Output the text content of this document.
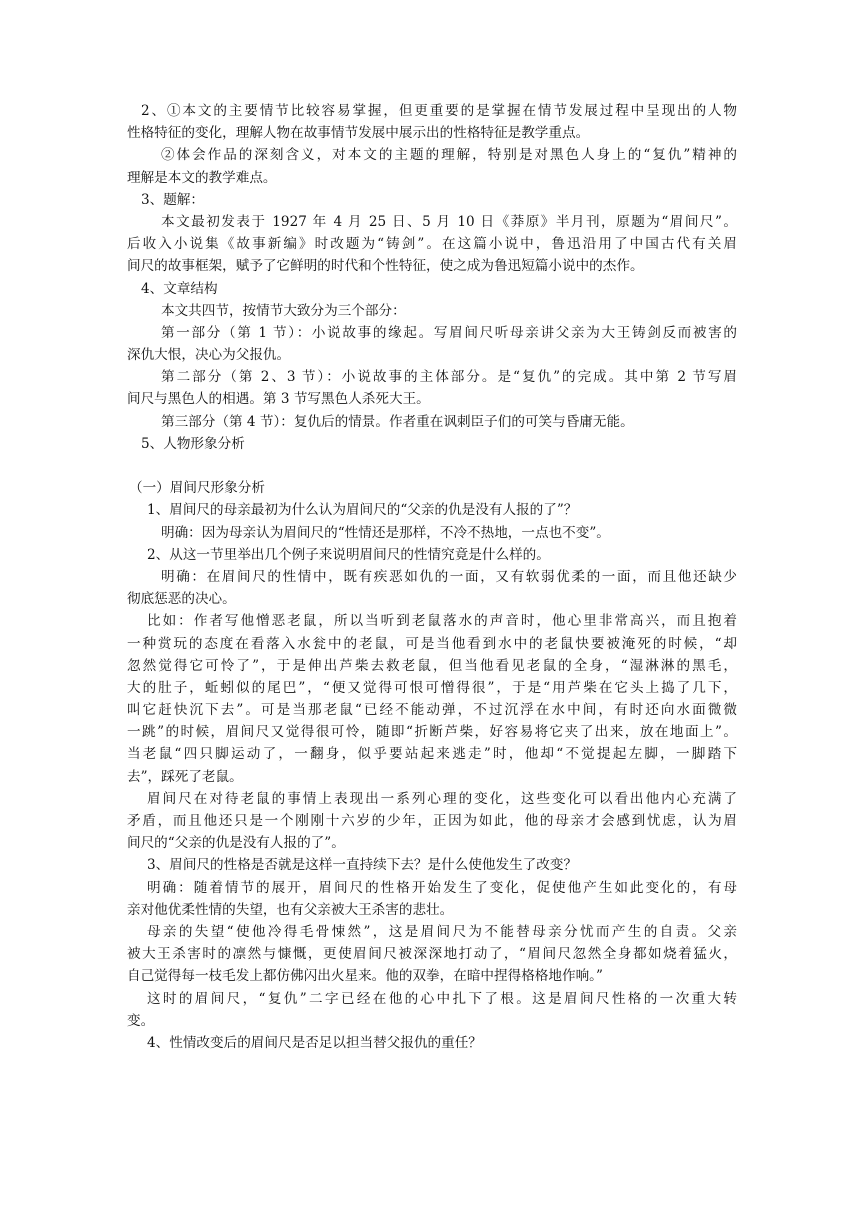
2、①本文的主要情节比较容易掌握，但更重要的是掌握在情节发展过程中呈现出的人物
性格特征的变化，理解人物在故事情节发展中展示出的性格特征是教学重点。
②体会作品的深刻含义，对本文的主题的理解，特别是对黑色人身上的“复仇”精神的
理解是本文的教学难点。
3、题解：
本文最初发表于 1927 年 4 月 25 日、5 月 10 日《莽原》半月刊，原题为“眉间尺”。
后收入小说集《故事新编》时改题为“铸剑”。在这篇小说中，鲁迅沿用了中国古代有关眉
间尺的故事框架，赋予了它鲜明的时代和个性特征，使之成为鲁迅短篇小说中的杰作。
4、文章结构
本文共四节，按情节大致分为三个部分：
第一部分（第 1 节）：小说故事的缘起。写眉间尺听母亲讲父亲为大王铸剑反而被害的
深仇大恨，决心为父报仇。
第二部分（第 2、3 节）：小说故事的主体部分。是“复仇”的完成。其中第 2 节写眉
间尺与黑色人的相遇。第 3 节写黑色人杀死大王。
第三部分（第 4 节）：复仇后的情景。作者重在讽刺臣子们的可笑与昏庸无能。
5、人物形象分析
（一）眉间尺形象分析
1、眉间尺的母亲最初为什么认为眉间尺的“父亲的仇是没有人报的了”？
明确：因为母亲认为眉间尺的“性情还是那样，不冷不热地，一点也不变”。
2、从这一节里举出几个例子来说明眉间尺的性情究竟是什么样的。
明确：在眉间尺的性情中，既有疾恶如仇的一面，又有软弱优柔的一面，而且他还缺少
彻底惩恶的决心。
比如：作者写他憎恶老鼠，所以当听到老鼠落水的声音时，他心里非常高兴，而且抱着
一种赏玩的态度在看落入水瓮中的老鼠，可是当他看到水中的老鼠快要被淹死的时候，“却
忽然觉得它可怜了”，于是伸出芦柴去救老鼠，但当他看见老鼠的全身，“湿淋淋的黑毛，
大的肚子，蚯蚓似的尾巴”，“便又觉得可恨可憎得很”，于是“用芦柴在它头上捣了几下，
叫它赶快沉下去”。可是当那老鼠“已经不能动弹，不过沉浮在水中间，有时还向水面微微
一跳”的时候，眉间尺又觉得很可怜，随即“折断芦柴，好容易将它夹了出来，放在地面上”。
当老鼠“四只脚运动了，一翻身，似乎要站起来逃走”时，他却“不觉提起左脚，一脚踏下
去”，踩死了老鼠。
眉间尺在对待老鼠的事情上表现出一系列心理的变化，这些变化可以看出他内心充满了
矛盾，而且他还只是一个刚刚十六岁的少年，正因为如此，他的母亲才会感到忧虑，认为眉
间尺的“父亲的仇是没有人报的了”。
3、眉间尺的性格是否就是这样一直持续下去？是什么使他发生了改变？
明确：随着情节的展开，眉间尺的性格开始发生了变化，促使他产生如此变化的，有母
亲对他优柔性情的失望，也有父亲被大王杀害的悲壮。
母亲的失望“使他冷得毛骨悚然”，这是眉间尺为不能替母亲分忧而产生的自责。父亲
被大王杀害时的凛然与慷慨，更使眉间尺被深深地打动了，“眉间尺忽然全身都如烧着猛火，
自己觉得每一枝毛发上都仿佛闪出火星来。他的双拳，在暗中捏得格格地作响。”
这时的眉间尺，“复仇”二字已经在他的心中扎下了根。这是眉间尺性格的一次重大转
变。
4、性情改变后的眉间尺是否足以担当替父报仇的重任？
